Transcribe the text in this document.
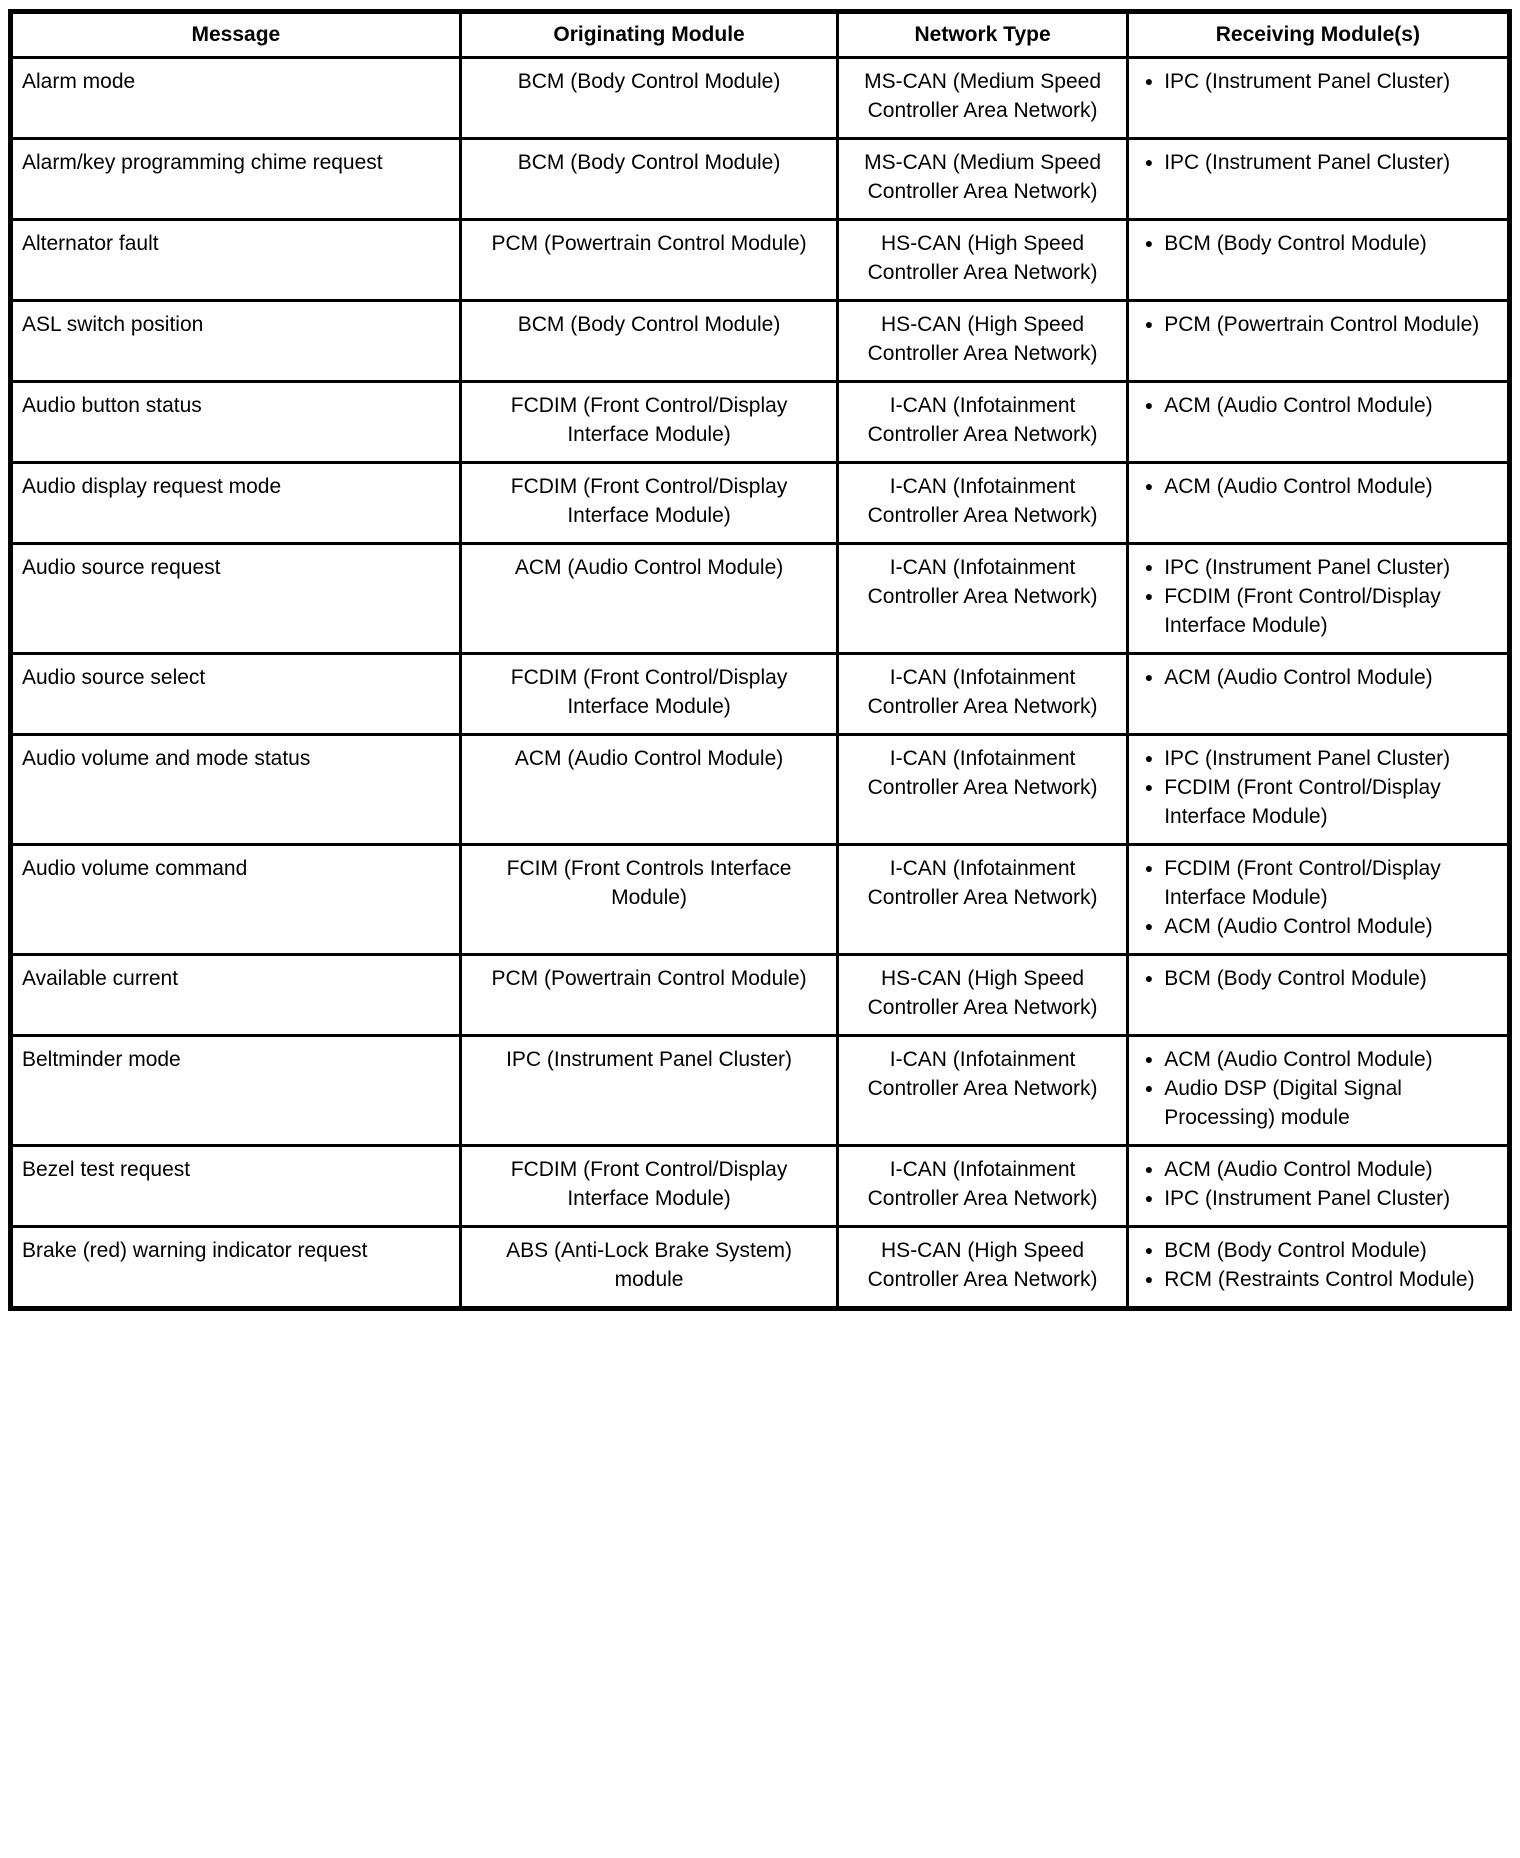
Message	Originating Module	Network Type	Receiving Module(s)
Alarm mode	BCM (Body Control Module)	MS-CAN (Medium Speed Controller Area Network)	● IPC (Instrument Panel Cluster)

Alarm/key programming chime request	BCM (Body Control Module)	MS-CAN (Medium Speed Controller Area Network)	● IPC (Instrument Panel Cluster)

Alternator fault	PCM (Powertrain Control Module)	HS-CAN (High Speed Controller Area Network)	● BCM (Body Control Module)

ASL switch position	BCM (Body Control Module)	HS-CAN (High Speed Controller Area Network)	● PCM (Powertrain Control Module)

Audio button status	FCDIM (Front Control/Display Interface Module)	I-CAN (Infotainment Controller Area Network)	● ACM (Audio Control Module)

Audio display request mode	FCDIM (Front Control/Display Interface Module)	I-CAN (Infotainment Controller Area Network)	● ACM (Audio Control Module)

Audio source request	ACM (Audio Control Module)	I-CAN (Infotainment Controller Area Network)	● IPC (Instrument Panel Cluster)
● FCDIM (Front Control/Display Interface Module)

Audio source select	FCDIM (Front Control/Display Interface Module)	I-CAN (Infotainment Controller Area Network)	● ACM (Audio Control Module)

Audio volume and mode status	ACM (Audio Control Module)	I-CAN (Infotainment Controller Area Network)	● IPC (Instrument Panel Cluster)
● FCDIM (Front Control/Display Interface Module)

Audio volume command	FCIM (Front Controls Interface Module)	I-CAN (Infotainment Controller Area Network)	● FCDIM (Front Control/Display Interface Module)
● ACM (Audio Control Module)

Available current	PCM (Powertrain Control Module)	HS-CAN (High Speed Controller Area Network)	● BCM (Body Control Module)

Beltminder mode	IPC (Instrument Panel Cluster)	I-CAN (Infotainment Controller Area Network)	● ACM (Audio Control Module)
● Audio DSP (Digital Signal Processing) module

Bezel test request	FCDIM (Front Control/Display Interface Module)	I-CAN (Infotainment Controller Area Network)	● ACM (Audio Control Module)
● IPC (Instrument Panel Cluster)

Brake (red) warning indicator request	ABS (Anti-Lock Brake System) module	HS-CAN (High Speed Controller Area Network)	● BCM (Body Control Module)
● RCM (Restraints Control Module)
